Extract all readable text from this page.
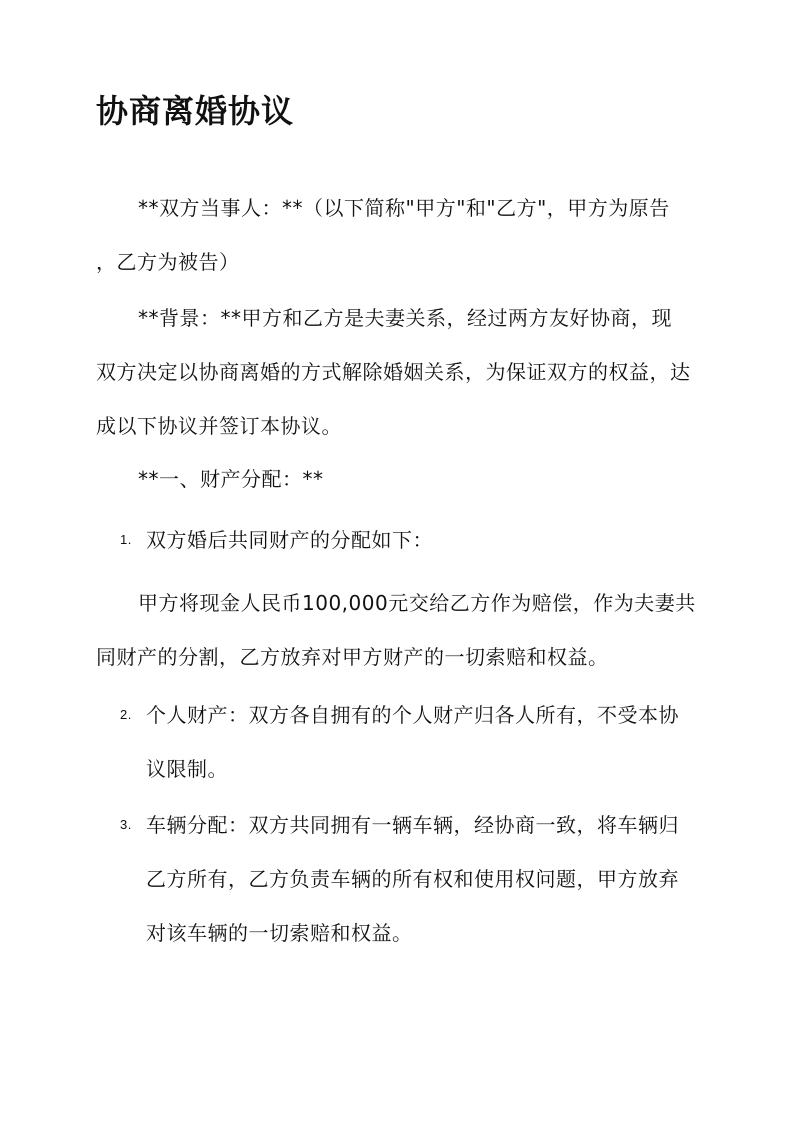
协商离婚协议
**双方当事人：**（以下简称"甲方"和"乙方"，甲方为原告
，乙方为被告）
**背景：**甲方和乙方是夫妻关系，经过两方友好协商，现
双方决定以协商离婚的方式解除婚姻关系，为保证双方的权益，达
成以下协议并签订本协议。
**一、财产分配：**
1. 双方婚后共同财产的分配如下：
甲方将现金人民币100,000元交给乙方作为赔偿，作为夫妻共
同财产的分割，乙方放弃对甲方财产的一切索赔和权益。
2. 个人财产：双方各自拥有的个人财产归各人所有，不受本协
议限制。
3. 车辆分配：双方共同拥有一辆车辆，经协商一致，将车辆归
乙方所有，乙方负责车辆的所有权和使用权问题，甲方放弃
对该车辆的一切索赔和权益。
